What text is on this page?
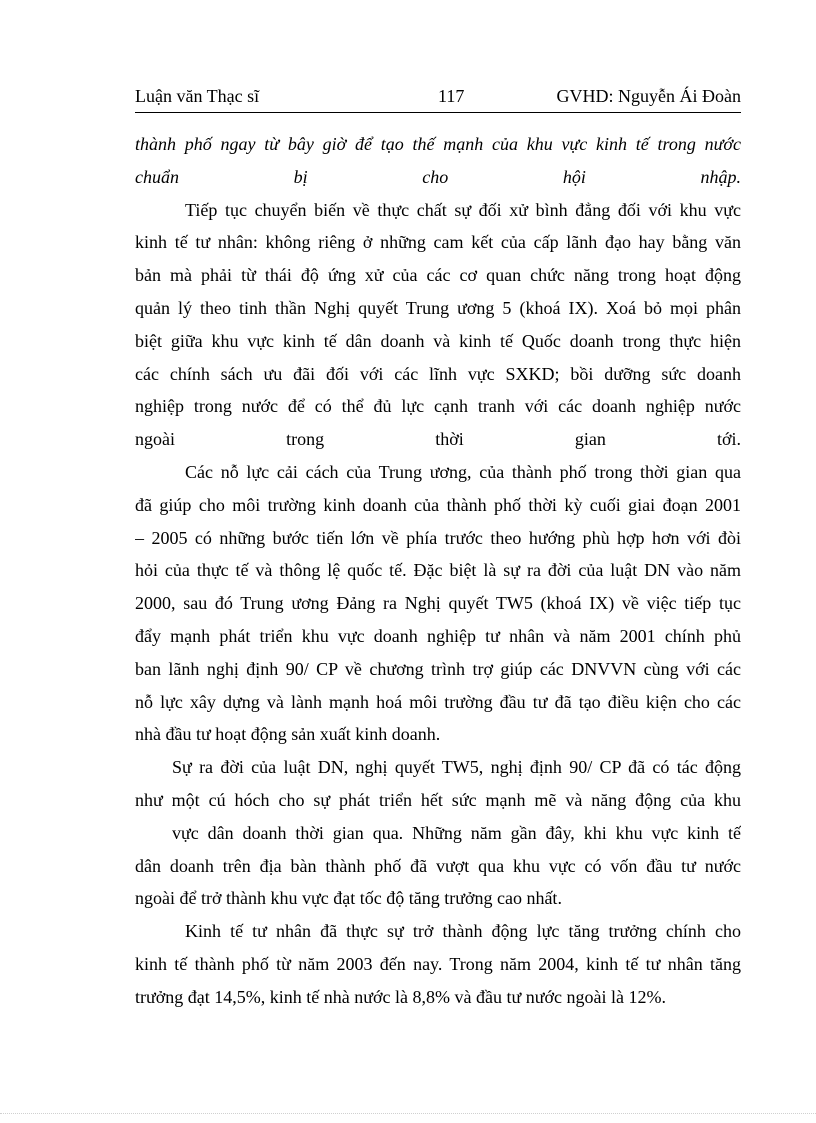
Luận văn Thạc sĩ	117	GVHD: Nguyễn Ái Đoàn
thành phố ngay từ bây giờ để tạo thế mạnh của khu vực kinh tế trong nước
chuẩn bị cho hội nhập.
Tiếp tục chuyển biến về thực chất sự đối xử bình đẳng đối với khu vực
kinh tế tư nhân: không riêng ở những cam kết của cấp lãnh đạo hay bằng văn
bản mà phải từ thái độ ứng xử của các cơ quan chức năng trong hoạt động
quản lý theo tinh thần Nghị quyết Trung ương 5 (khoá IX). Xoá bỏ mọi phân
biệt giữa khu vực kinh tế dân doanh và kinh tế Quốc doanh trong thực hiện
các chính sách ưu đãi đối với các lĩnh vực SXKD; bồi dưỡng sức doanh
nghiệp trong nước để có thể đủ lực cạnh tranh với các doanh nghiệp nước
ngoài trong thời gian tới.
Các nỗ lực cải cách của Trung ương, của thành phố trong thời gian qua
đã giúp cho môi trường kinh doanh của thành phố thời kỳ cuối giai đoạn 2001
– 2005 có những bước tiến lớn về phía trước theo hướng phù hợp hơn với đòi
hỏi của thực tế và thông lệ quốc tế. Đặc biệt là sự ra đời của luật DN vào năm
2000, sau đó Trung ương Đảng ra Nghị quyết TW5 (khoá IX) về việc tiếp tục
đẩy mạnh phát triển khu vực doanh nghiệp tư nhân và năm 2001 chính phủ
ban lãnh nghị định 90/ CP về chương trình trợ giúp các DNVVN cùng với các
nỗ lực xây dựng và lành mạnh hoá môi trường đầu tư đã tạo điều kiện cho các
nhà đầu tư hoạt động sản xuất kinh doanh.
Sự ra đời của luật DN, nghị quyết TW5, nghị định 90/ CP đã có tác động
như một cú hóch cho sự phát triển hết sức mạnh mẽ và năng động của khu
vực dân doanh thời gian qua. Những năm gần đây, khi khu vực kinh tế
dân doanh trên địa bàn thành phố đã vượt qua khu vực có vốn đầu tư nước
ngoài để trở thành khu vực đạt tốc độ tăng trưởng cao nhất.
Kinh tế tư nhân đã thực sự trở thành động lực tăng trưởng chính cho
kinh tế thành phố từ năm 2003 đến nay. Trong năm 2004, kinh tế tư nhân tăng
trưởng đạt 14,5%, kinh tế nhà nước là 8,8% và đầu tư nước ngoài là 12%.
